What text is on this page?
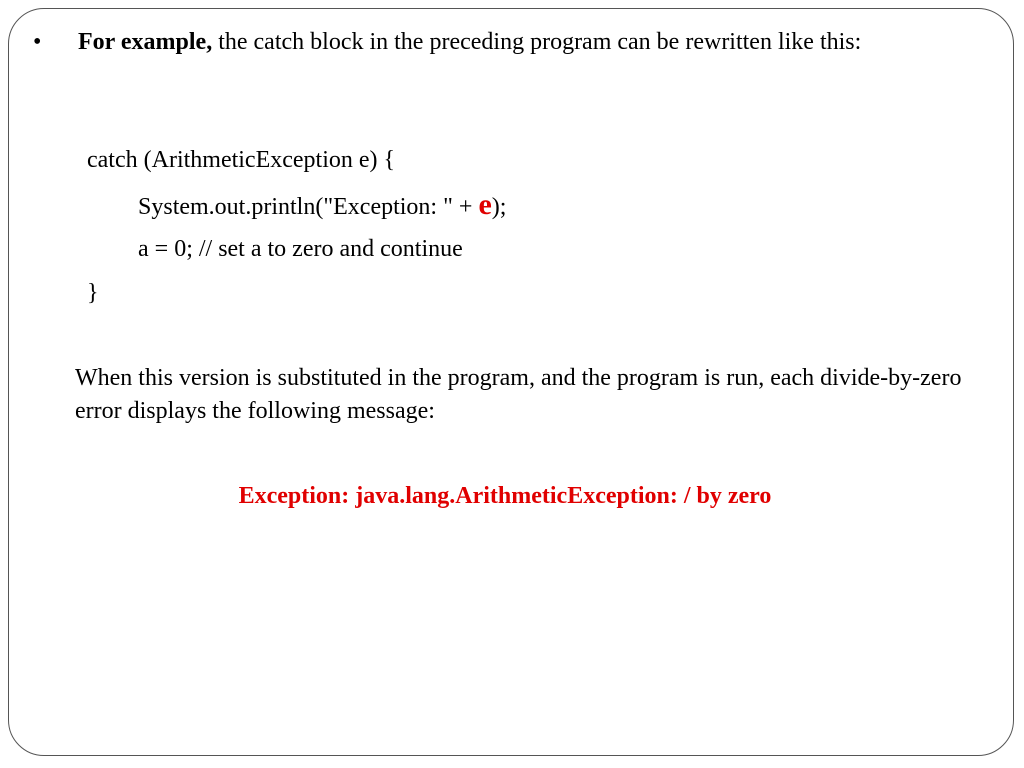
•	For example, the catch block in the preceding program can be rewritten like this:
catch (ArithmeticException e) {
System.out.println("Exception: " + e);
a = 0; // set a to zero and continue
}
When this version is substituted in the program, and the program is run, each divide-by-zero error displays the following message:
Exception: java.lang.ArithmeticException: / by zero
